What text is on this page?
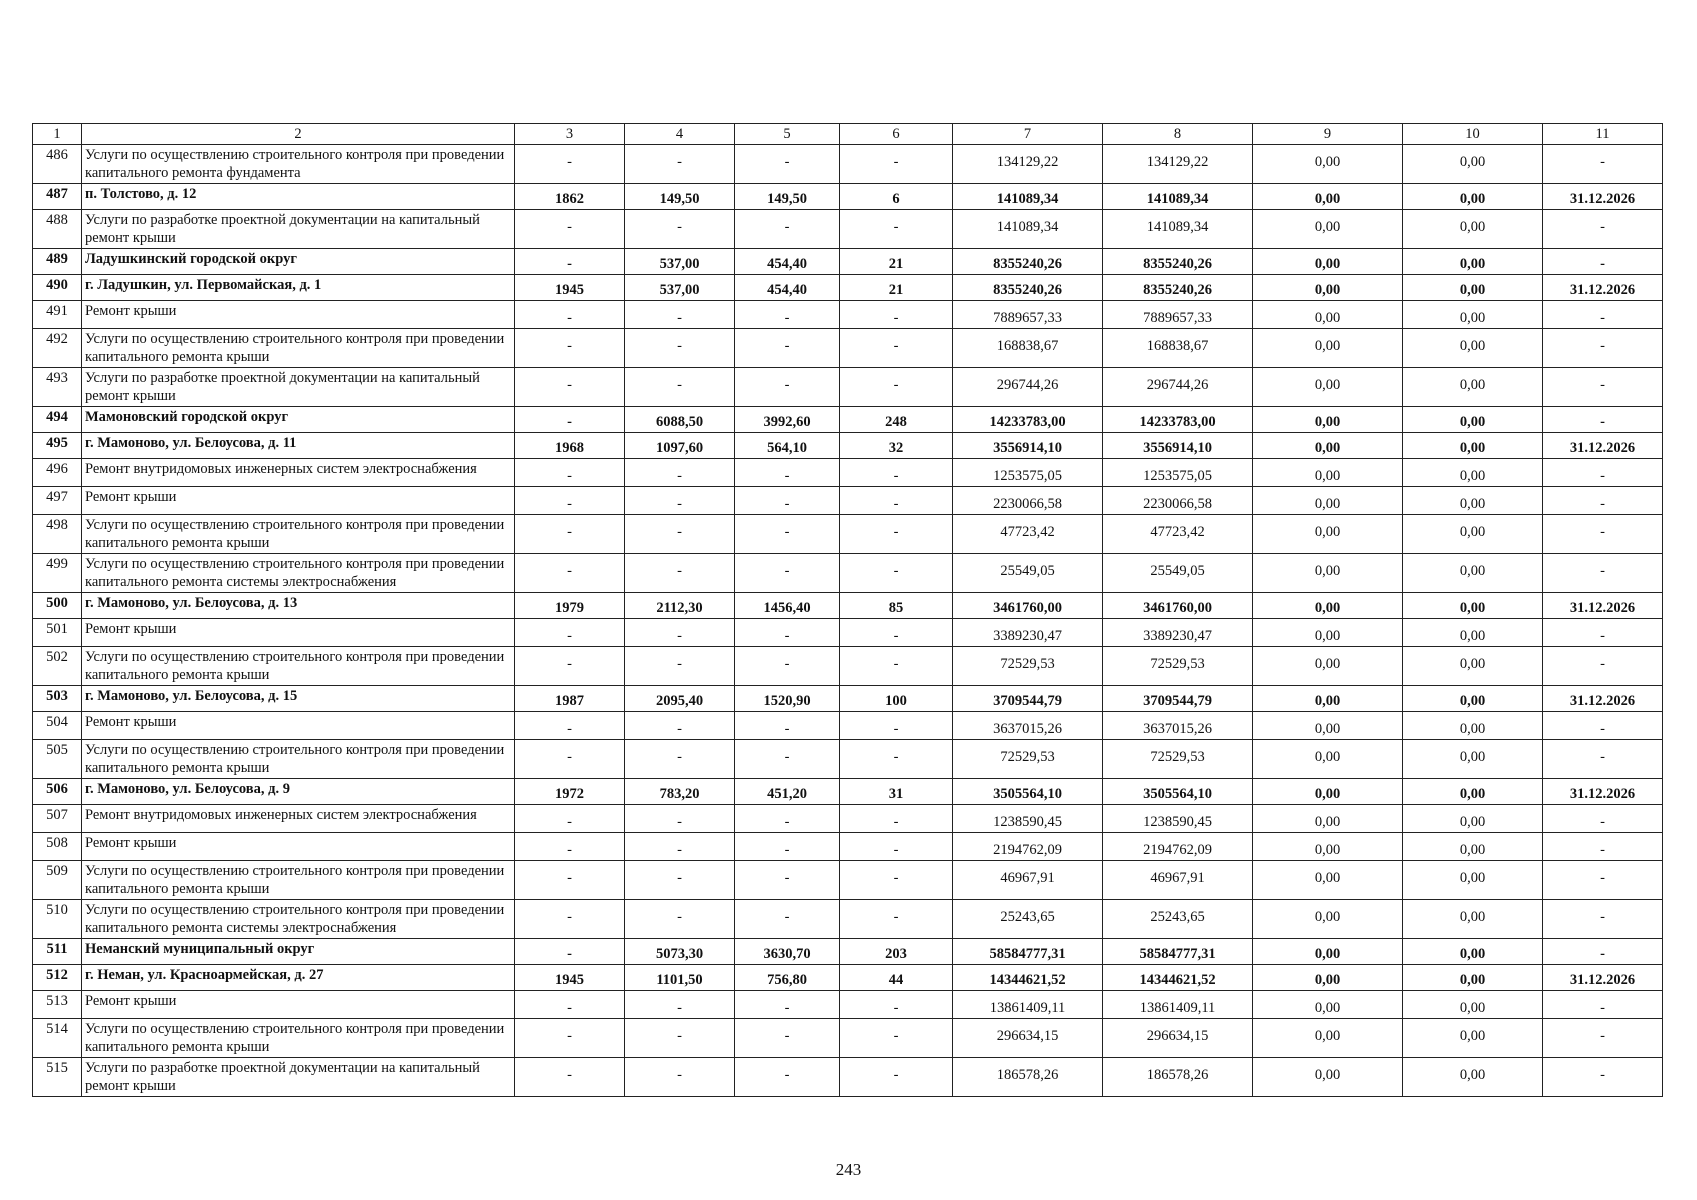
1	2	3	4	5	6	7	8	9	10	11
486	Услуги по осуществлению строительного контроля при проведении капитального ремонта фундамента	-	-	-	-	134129,22	134129,22	0,00	0,00	-
487	п. Толстово, д. 12	1862	149,50	149,50	6	141089,34	141089,34	0,00	0,00	31.12.2026
488	Услуги по разработке проектной документации на капитальный ремонт крыши	-	-	-	-	141089,34	141089,34	0,00	0,00	-
489	Ладушкинский городской округ	-	537,00	454,40	21	8355240,26	8355240,26	0,00	0,00	-
490	г. Ладушкин, ул. Первомайская, д. 1	1945	537,00	454,40	21	8355240,26	8355240,26	0,00	0,00	31.12.2026
491	Ремонт крыши	-	-	-	-	7889657,33	7889657,33	0,00	0,00	-
492	Услуги по осуществлению строительного контроля при проведении капитального ремонта крыши	-	-	-	-	168838,67	168838,67	0,00	0,00	-
493	Услуги по разработке проектной документации на капитальный ремонт крыши	-	-	-	-	296744,26	296744,26	0,00	0,00	-
494	Мамоновский городской округ	-	6088,50	3992,60	248	14233783,00	14233783,00	0,00	0,00	-
495	г. Мамоново, ул. Белоусова, д. 11	1968	1097,60	564,10	32	3556914,10	3556914,10	0,00	0,00	31.12.2026
496	Ремонт внутридомовых инженерных систем электроснабжения	-	-	-	-	1253575,05	1253575,05	0,00	0,00	-
497	Ремонт крыши	-	-	-	-	2230066,58	2230066,58	0,00	0,00	-
498	Услуги по осуществлению строительного контроля при проведении капитального ремонта крыши	-	-	-	-	47723,42	47723,42	0,00	0,00	-
499	Услуги по осуществлению строительного контроля при проведении капитального ремонта системы электроснабжения	-	-	-	-	25549,05	25549,05	0,00	0,00	-
500	г. Мамоново, ул. Белоусова, д. 13	1979	2112,30	1456,40	85	3461760,00	3461760,00	0,00	0,00	31.12.2026
501	Ремонт крыши	-	-	-	-	3389230,47	3389230,47	0,00	0,00	-
502	Услуги по осуществлению строительного контроля при проведении капитального ремонта крыши	-	-	-	-	72529,53	72529,53	0,00	0,00	-
503	г. Мамоново, ул. Белоусова, д. 15	1987	2095,40	1520,90	100	3709544,79	3709544,79	0,00	0,00	31.12.2026
504	Ремонт крыши	-	-	-	-	3637015,26	3637015,26	0,00	0,00	-
505	Услуги по осуществлению строительного контроля при проведении капитального ремонта крыши	-	-	-	-	72529,53	72529,53	0,00	0,00	-
506	г. Мамоново, ул. Белоусова, д. 9	1972	783,20	451,20	31	3505564,10	3505564,10	0,00	0,00	31.12.2026
507	Ремонт внутридомовых инженерных систем электроснабжения	-	-	-	-	1238590,45	1238590,45	0,00	0,00	-
508	Ремонт крыши	-	-	-	-	2194762,09	2194762,09	0,00	0,00	-
509	Услуги по осуществлению строительного контроля при проведении капитального ремонта крыши	-	-	-	-	46967,91	46967,91	0,00	0,00	-
510	Услуги по осуществлению строительного контроля при проведении капитального ремонта системы электроснабжения	-	-	-	-	25243,65	25243,65	0,00	0,00	-
511	Неманский муниципальный округ	-	5073,30	3630,70	203	58584777,31	58584777,31	0,00	0,00	-
512	г. Неман, ул. Красноармейская, д. 27	1945	1101,50	756,80	44	14344621,52	14344621,52	0,00	0,00	31.12.2026
513	Ремонт крыши	-	-	-	-	13861409,11	13861409,11	0,00	0,00	-
514	Услуги по осуществлению строительного контроля при проведении капитального ремонта крыши	-	-	-	-	296634,15	296634,15	0,00	0,00	-
515	Услуги по разработке проектной документации на капитальный ремонт крыши	-	-	-	-	186578,26	186578,26	0,00	0,00	-
243
